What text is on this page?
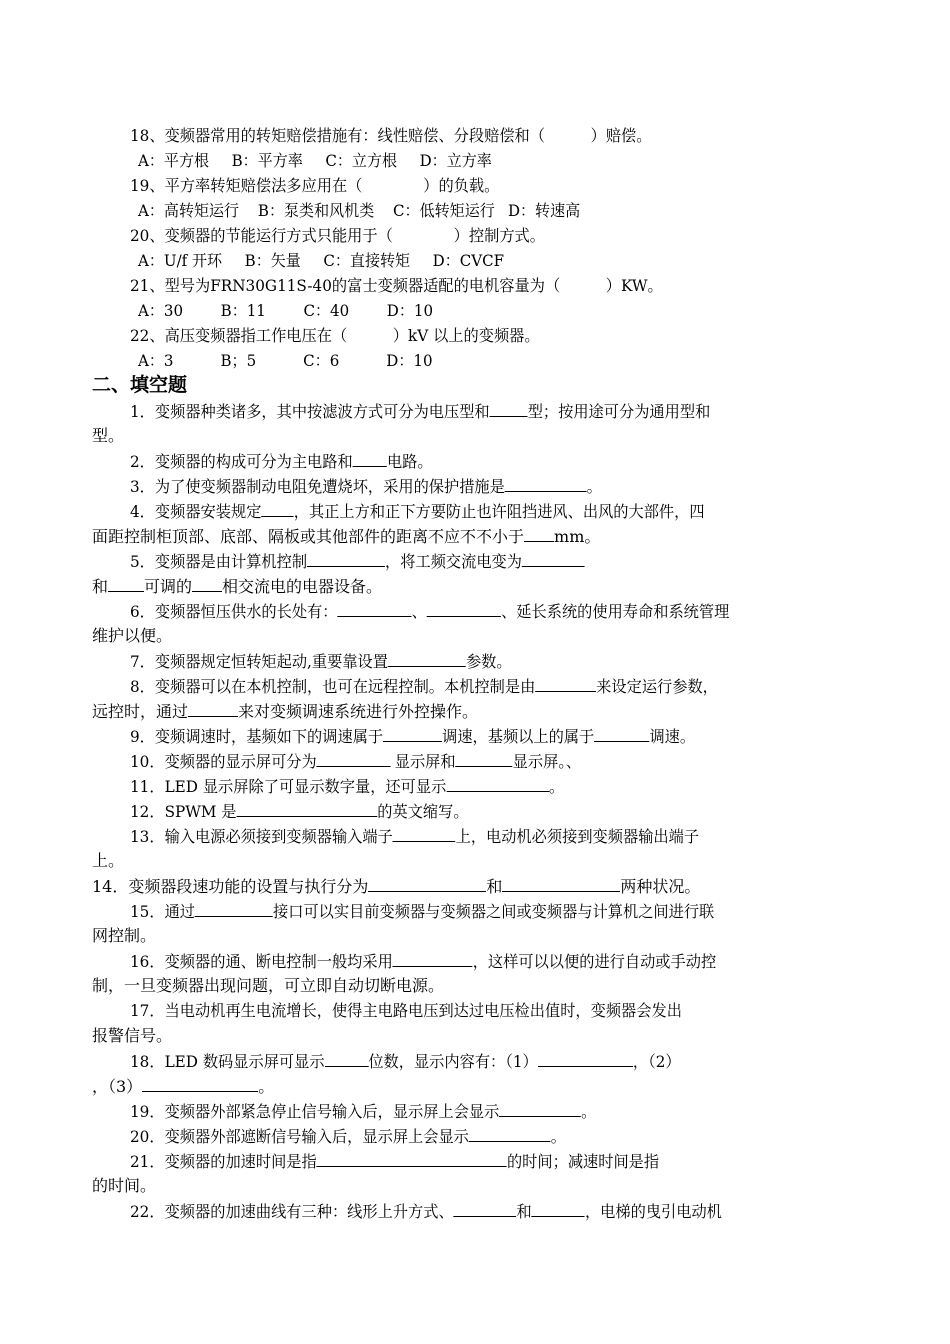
18、变频器常用的转矩赔偿措施有：线性赔偿、分段赔偿和（　　　）赔偿。
A：平方根 B：平方率 C：立方根 D：立方率
19、平方率转矩赔偿法多应用在（　　　　）的负载。
A：高转矩运行 B：泵类和风机类 C：低转矩运行 D：转速高
20、变频器的节能运行方式只能用于（　　　　）控制方式。
A：U/f 开环 B：矢量 C：直接转矩 D：CVCF
21、型号为FRN30G11S-40的富士变频器适配的电机容量为（　　　）KW。
A：30 B：11 C：40 D：10
22、高压变频器指工作电压在（　　　）kV 以上的变频器。
A：3	B；5	C：6	D：10
二、填空题
1．变频器种类诸多，其中按滤波方式可分为电压型和 型；按用途可分为通用型和
型。
2．变频器的构成可分为主电路和 电路。
3．为了使变频器制动电阻免遭烧坏，采用的保护措施是	。
4．变频器安装规定 ，其正上方和正下方要防止也许阻挡进风、出风的大部件，四
面距控制柜顶部、底部、隔板或其他部件的距离不应不不小于 mm。
5．变频器是由计算机控制	，将工频交流电变为
和 可调的 相交流电的电器设备。
6．变频器恒压供水的长处有：	、	、延长系统的使用寿命和系统管理
维护以便。
7．变频器规定恒转矩起动,重要靠设置	参数。
8．变频器可以在本机控制，也可在远程控制。本机控制是由	来设定运行参数，
远控时，通过	来对变频调速系统进行外控操作。
9．变频调速时，基频如下的调速属于	调速，基频以上的属于	调速。
10．变频器的显示屏可分为	显示屏和	显示屏。、
11．LED 显示屏除了可显示数字量，还可显示	。
12．SPWM 是	的英文缩写。
13．输入电源必须接到变频器输入端子	上，电动机必须接到变频器输出端子
上。
14．变频器段速功能的设置与执行分为	和	两种状况。
15．通过	接口可以实目前变频器与变频器之间或变频器与计算机之间进行联
网控制。
16．变频器的通、断电控制一般均采用	，这样可以以便的进行自动或手动控
制，一旦变频器出现问题，可立即自动切断电源。
17．当电动机再生电流增长，使得主电路电压到达过电压检出值时，变频器会发出
报警信号。
18．LED 数码显示屏可显示	位数，显示内容有：（1）	，（2）
，（3）	。
19．变频器外部紧急停止信号输入后，显示屏上会显示	。
20．变频器外部遮断信号输入后，显示屏上会显示	。
21．变频器的加速时间是指	的时间；减速时间是指
的时间。
22．变频器的加速曲线有三种：线形上升方式、	和	，电梯的曳引电动机
